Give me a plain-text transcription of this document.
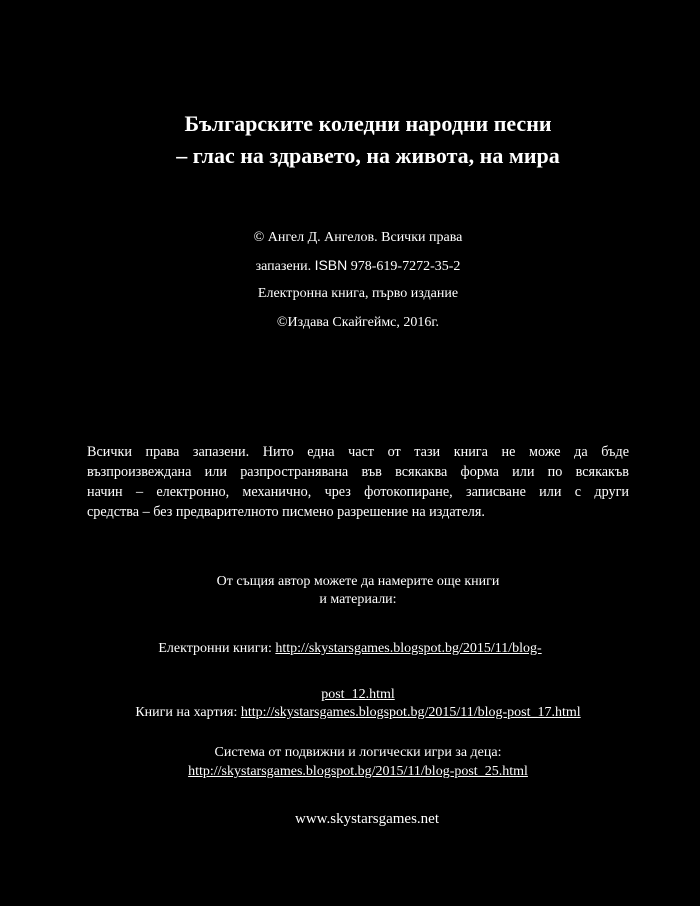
Българските коледни народни песни
– глас на здравето, на живота, на мира
© Ангел Д. Ангелов. Всички права
запазени. ISBN 978-619-7272-35-2
Електронна книга, първо издание
©Издава Скайгеймс, 2016г.
Всички права запазени. Нито една част от тази книга не може да бъде
възпроизвеждана или разпространявана във всякаква форма или по всякакъв
начин – електронно, механично, чрез фотокопиране, записване или с други
средства – без предварителното писмено разрешение на издателя.
От същия автор можете да намерите още книги
и материали:
Електронни книги: http://skystarsgames.blogspot.bg/2015/11/blog-
post_12.html
Книги на хартия: http://skystarsgames.blogspot.bg/2015/11/blog-post_17.html
Система от подвижни и логически игри за деца:
http://skystarsgames.blogspot.bg/2015/11/blog-post_25.html
www.skystarsgames.net
